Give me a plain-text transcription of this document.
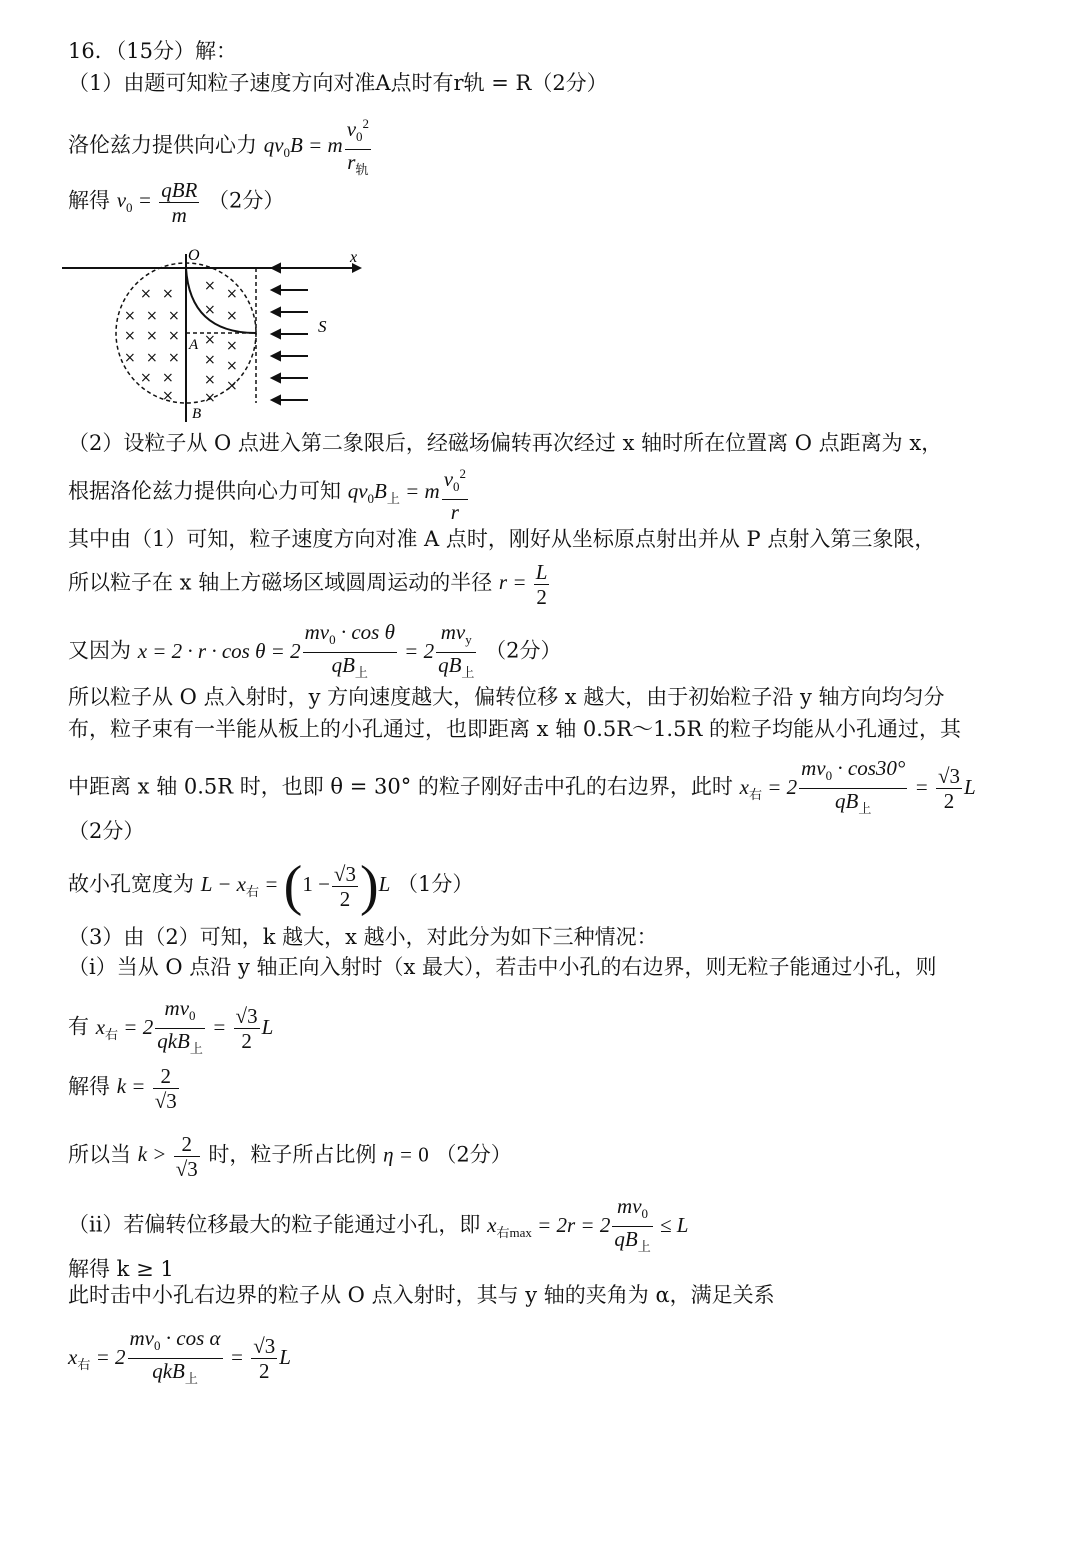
16．（15分）解：
（1）由题可知粒子速度方向对准A点时有r轨 = R（2分）
洛伦兹力提供向心力 $qv_0B = m \frac{v_0^2}{r_轨}$
解得 $v_0 = \frac{\text{qBR}}{m} (2$分）
× × × ×
× × × × ×
× × × × ×
× × × × ×
× × × ×
× ×
O	x
A
B
S
（2）设粒子从 O 点进入第二象限后，经磁场偏转再次经过 x 轴时所在位置离 O 点距离为 x，
根据洛伦兹力提供向心力可知 $qv_0B_上 = m \frac{v_0^2}{r}$
其中由（1）可知，粒子速度方向对准 A 点时，刚好从坐标原点射出并从 P 点射入第三象限，
所以粒子在 x 轴上方磁场区域圆周运动的半径 $r = \frac{L}{2}$
又因为 $x = 2 \cdot r \cdot \cos \theta = 2 \frac{mv_0 \cdot \cos \theta}{qB_上} = 2 \frac{mv_y}{qB_上} (2$分）
所以粒子从 O 点入射时，y 方向速度越大，偏转位移 x 越大，由于初始粒子沿 y 轴方向均匀分
布，粒子束有一半能从板上的小孔通过，也即距离 x 轴 0.5R～1.5R 的粒子均能从小孔通过，其
中距离 x 轴 0.5R 时，也即 θ = 30° 的粒子刚好击中孔的右边界，此时 $x_右 = 2 \frac{mv_0 \cdot \cos 30^\circ}{qB_上} = \frac{√3}{2}$ L
（2分）
故小孔宽度为 $L - x_右 = (1 - \frac{√3}{2} )L$ （1分）
（3）由（2）可知，k 越大，x 越小，对此分为如下三种情况：
（i）当从 O 点沿 y 轴正向入射时（x 最大），若击中小孔的右边界，则无粒子能通过小孔，则
有 $x_右 = 2 \frac{mv_0}{qkB_上} = \frac{√3}{2}$ L
解得 $k = \frac{2}{√3}$
所以当 $k > \frac{2}{√3}$ 时，粒子所占比例 η = 0 （2分）
（ii）若偏转位移最大的粒子能通过小孔，即 $x_{右max} = 2r = 2 \frac{mv_0}{qB_上} \le L$
解得 k ≥ 1
此时击中小孔右边界的粒子从 O 点入射时，其与 y 轴的夹角为 α，满足关系
$x_右 = 2 \frac{mv_0 \cdot \cos \alpha}{qkB_上} = \frac{√3}{2}$ L
